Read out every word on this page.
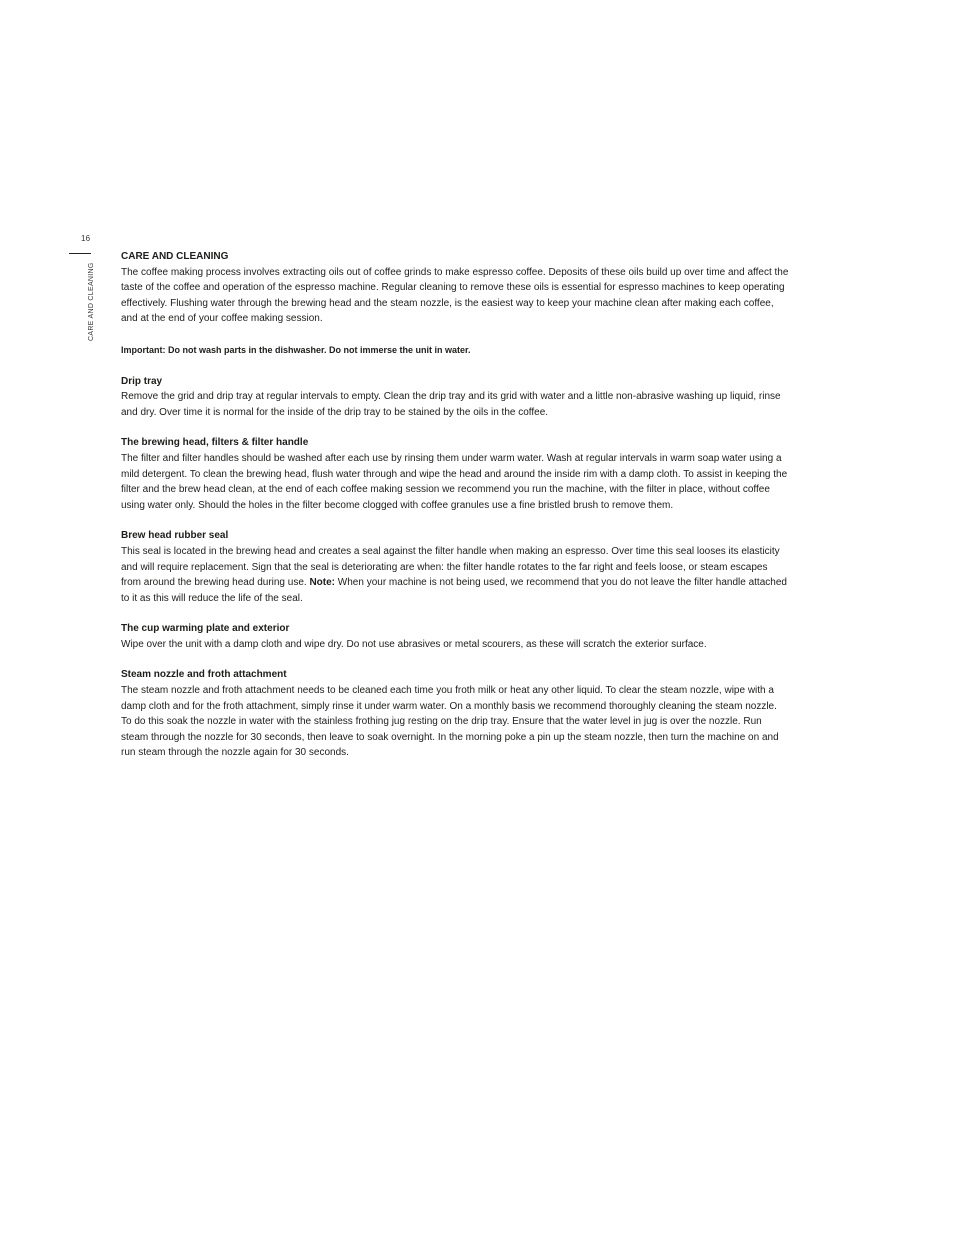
16
CARE AND CLEANING
CARE AND CLEANING

The coffee making process involves extracting oils out of coffee grinds to make espresso coffee. Deposits of these oils build up over time and affect the taste of the coffee and operation of the espresso machine. Regular cleaning to remove these oils is essential for espresso machines to keep operating effectively. Flushing water through the brewing head and the steam nozzle, is the easiest way to keep your machine clean after making each coffee, and at the end of your coffee making session.

Important: Do not wash parts in the dishwasher. Do not immerse the unit in water.

Drip tray

Remove the grid and drip tray at regular intervals to empty. Clean the drip tray and its grid with water and a little non-abrasive washing up liquid, rinse and dry. Over time it is normal for the inside of the drip tray to be stained by the oils in the coffee.

The brewing head, filters & filter handle

The filter and filter handles should be washed after each use by rinsing them under warm water. Wash at regular intervals in warm soap water using a mild detergent. To clean the brewing head, flush water through and wipe the head and around the inside rim with a damp cloth. To assist in keeping the filter and the brew head clean, at the end of each coffee making session we recommend you run the machine, with the filter in place, without coffee using water only. Should the holes in the filter become clogged with coffee granules use a fine bristled brush to remove them.

Brew head rubber seal

This seal is located in the brewing head and creates a seal against the filter handle when making an espresso. Over time this seal looses its elasticity and will require replacement. Sign that the seal is deteriorating are when: the filter handle rotates to the far right and feels loose, or steam escapes from around the brewing head during use. Note: When your machine is not being used, we recommend that you do not leave the filter handle attached to it as this will reduce the life of the seal.

The cup warming plate and exterior

Wipe over the unit with a damp cloth and wipe dry. Do not use abrasives or metal scourers, as these will scratch the exterior surface.

Steam nozzle and froth attachment

The steam nozzle and froth attachment needs to be cleaned each time you froth milk or heat any other liquid. To clear the steam nozzle, wipe with a damp cloth and for the froth attachment, simply rinse it under warm water. On a monthly basis we recommend thoroughly cleaning the steam nozzle. To do this soak the nozzle in water with the stainless frothing jug resting on the drip tray. Ensure that the water level in jug is over the nozzle. Run steam through the nozzle for 30 seconds, then leave to soak overnight. In the morning poke a pin up the steam nozzle, then turn the machine on and run steam through the nozzle again for 30 seconds.
